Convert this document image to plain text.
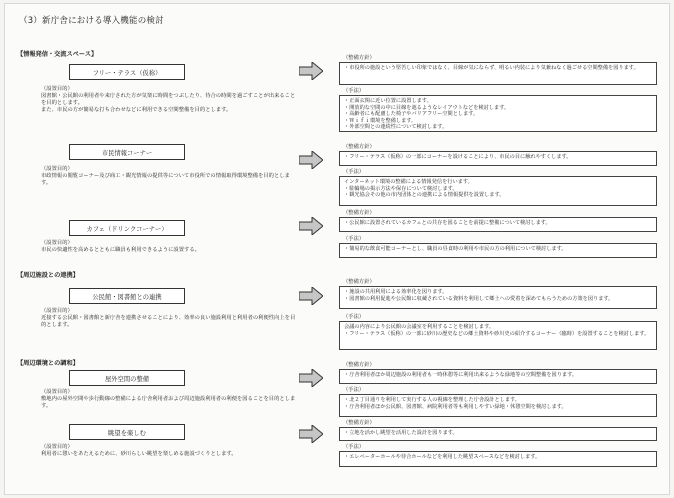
（3）新庁舎における導入機能の検討
【情報発信・交流スペース】
フリー・テラス（仮称）
（設置目的）
図書館・公民館の利用者や来庁された方が気楽に時間をつぶしたり、待合の時間を過ごすことが出来ることを目的とします。
また、市民の方が簡易な打ち合わせなどに利用できる空間整備を目的とします。
（整備方針）
・市役所の施設という堅苦しい印象ではなく、目線が気にならず、明るい内装により気兼ねなく過ごせる空間整備を図ります。
（手法）
・正面玄関に近い位置に設置します。
・開放的な空間の中に目線を遮るようなレイアウトなどを検討します。
・高齢者にも配慮した椅子やバリアフリー空間とします。
・Ｗｉｆｉ環境を整備します。
・外部空間との連続性について検討します。
市民情報コーナー
（設置目的）
市政情報の閲覧コーナー及び商工・観光情報の提供等について市役所での情報取得環境整備を目的とします。
（整備方針）
・フリー・テラス（仮称）の一部にコーナーを設けることにより、市民の目に触れやすくします。
（手法）
インターネット環境の整備による情報発信を行います。
・駐輪場の掲示方法や保存について検討します。
・観光協会その他の市内団体との連携による情報提供を設置します。
カフェ（ドリンクコーナー）
（設置目的）
市民の快適性を高めるとともに職員も利用できるように設置する。
（整備方針）
・公民館に設置されているカフェとの共存を図ることを前提に整備について検討します。
（手法）
・簡易的な飲食可能コーナーとし、職員の昼食時の利用や市民の方の利用について検討します。
【周辺施設との連携】
公民館・図書館との連携
（設置目的）
近接する公民館・図書館と新庁舎を連携させることにより、効率の良い施設利用と利用者の利便性向上を目的とします。
（整備方針）
・施設の共用利用による効率化を図ります。
・図書館の利用促進や公民館に収蔵されている資料を利用して郷土への愛着を深めてもらうための方策を図ります。
（手法）
会議の内容により公民館の会議室を利用することを検討します。
・フリー・テラス（仮称）の一部に砂川の歴史などの郷土資料や砂川史の紹介するコーナー（臨時）を設置することを検討します。
【周辺環境との調和】
屋外空間の整備
（設置目的）
敷地内の屋外空間や歩行動線の整備による庁舎利用者および周辺施設利用者の利便を図ることを目的とします。
（整備方針）
・庁舎利用者ほか周辺施設の利用者も一時休憩等に利用出来るような緑地等の空間整備を図ります。
（手法）
・北２丁目通りを利用して実行する人の視線を整理した庁舎設計とします。
・庁舎利用者ほか公民館、図書館、病院利用者等も利用しやすい緑地・休憩空間を検討します。
眺望を楽しむ
（設置目的）
利用者に憩いをあたえるために、砂川らしい眺望を楽しめる施設づくりとします。
（整備方針）
・立地を活かし眺望を活用した設計を図ります。
（手法）
・エレベーターホールや待合ホールなどを利用した眺望スペースなどを検討します。
